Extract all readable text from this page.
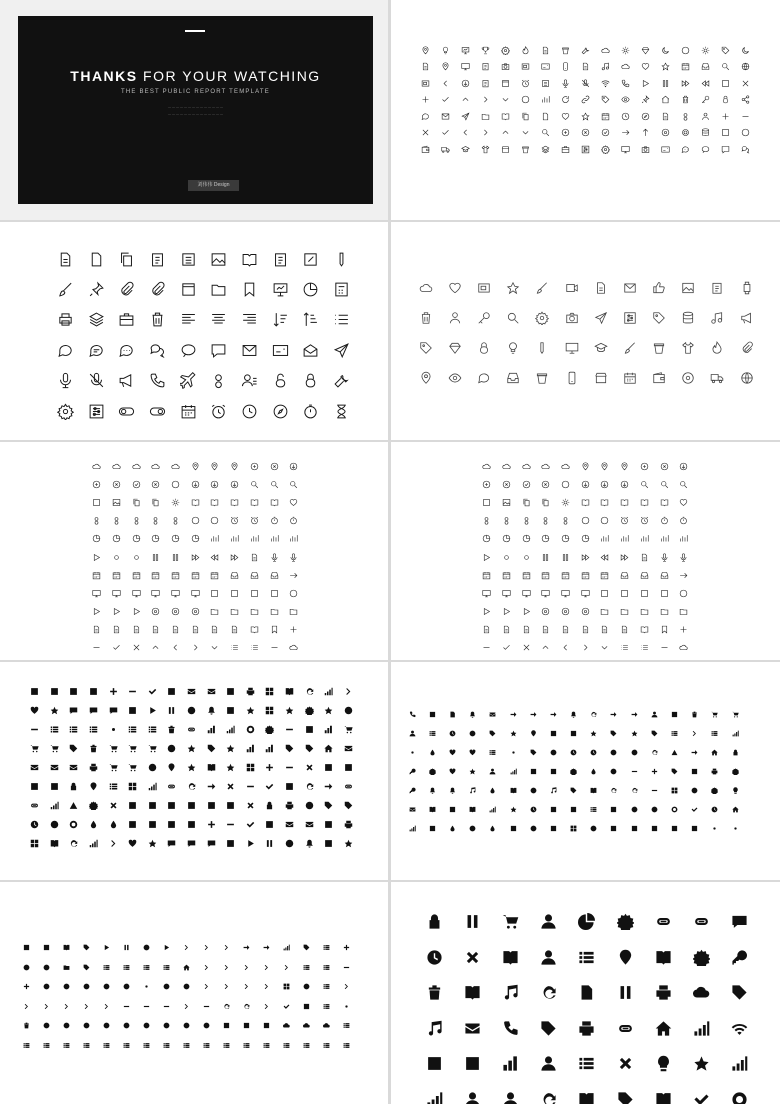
THANKS FOR YOUR WATCHING
THE BEST PUBLIC REPORT TEMPLATE
··········································
··········································
刘伟伟 Design
